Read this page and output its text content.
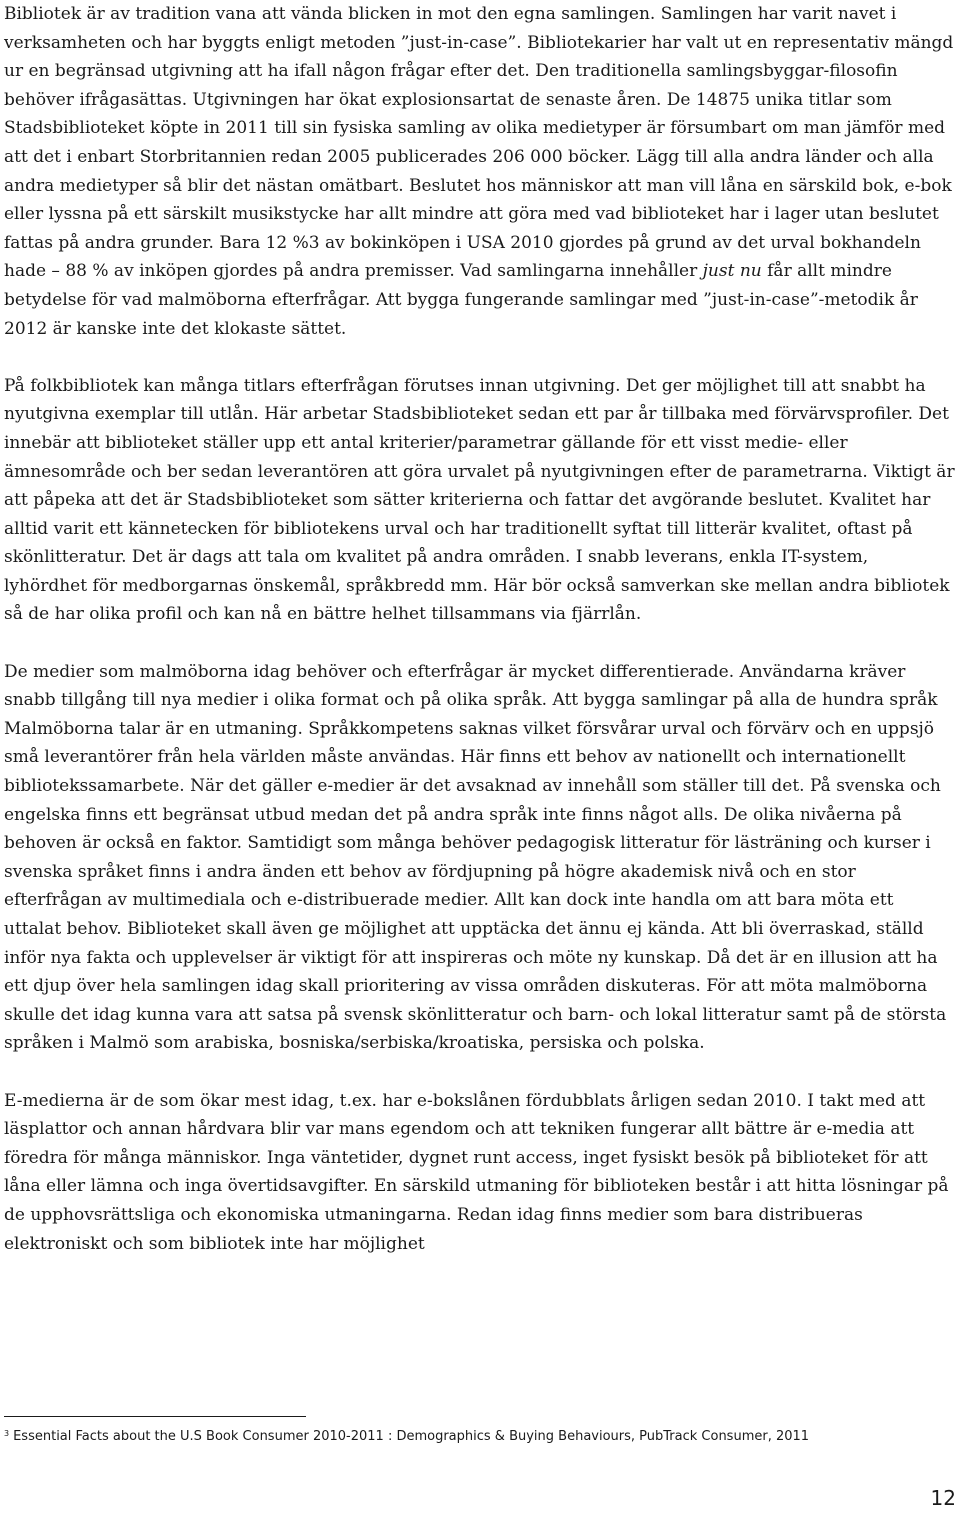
Bibliotek är av tradition vana att vända blicken in mot den egna samlingen. Samlingen har varit navet i verksamheten och har byggts enligt metoden ”just-in-case”. Bibliotekarier har valt ut en representativ mängd ur en begränsad utgivning att ha ifall någon frågar efter det. Den traditionella samlingsbyggar-filosofin behöver ifrågasättas. Utgivningen har ökat explosionsartat de senaste åren. De 14875 unika titlar som Stadsbiblioteket köpte in 2011 till sin fysiska samling av olika medietyper är försumbart om man jämför med att det i enbart Storbritannien redan 2005 publicerades 206 000 böcker. Lägg till alla andra länder och alla andra medietyper så blir det nästan omätbart. Beslutet hos människor att man vill låna en särskild bok, e-bok eller lyssna på ett särskilt musikstycke har allt mindre att göra med vad biblioteket har i lager utan beslutet fattas på andra grunder. Bara 12 %3 av bokinköpen i USA 2010 gjordes på grund av det urval bokhandeln hade – 88 % av inköpen gjordes på andra premisser. Vad samlingarna innehåller just nu får allt mindre betydelse för vad malmöborna efterfrågar. Att bygga fungerande samlingar med ”just-in-case”-metodik år 2012 är kanske inte det klokaste sättet.

På folkbibliotek kan många titlars efterfrågan förutses innan utgivning. Det ger möjlighet till att snabbt ha nyutgivna exemplar till utlån. Här arbetar Stadsbiblioteket sedan ett par år tillbaka med förvärvsprofiler. Det innebär att biblioteket ställer upp ett antal kriterier/parametrar gällande för ett visst medie- eller ämnesområde och ber sedan leverantören att göra urvalet på nyutgivningen efter de parametrarna. Viktigt är att påpeka att det är Stadsbiblioteket som sätter kriterierna och fattar det avgörande beslutet. Kvalitet har alltid varit ett kännetecken för bibliotekens urval och har traditionellt syftat till litterär kvalitet, oftast på skönlitteratur. Det är dags att tala om kvalitet på andra områden. I snabb leverans, enkla IT-system, lyhördhet för medborgarnas önskemål, språkbredd mm. Här bör också samverkan ske mellan andra bibliotek så de har olika profil och kan nå en bättre helhet tillsammans via fjärrlån.

De medier som malmöborna idag behöver och efterfrågar är mycket differentierade. Användarna kräver snabb tillgång till nya medier i olika format och på olika språk. Att bygga samlingar på alla de hundra språk Malmöborna talar är en utmaning. Språkkompetens saknas vilket försvårar urval och förvärv och en uppsjö små leverantörer från hela världen måste användas. Här finns ett behov av nationellt och internationellt bibliotekssamarbete. När det gäller e-medier är det avsaknad av innehåll som ställer till det. På svenska och engelska finns ett begränsat utbud medan det på andra språk inte finns något alls. De olika nivåerna på behoven är också en faktor. Samtidigt som många behöver pedagogisk litteratur för lästräning och kurser i svenska språket finns i andra änden ett behov av fördjupning på högre akademisk nivå och en stor efterfrågan av multimediala och e-distribuerade medier. Allt kan dock inte handla om att bara möta ett uttalat behov. Biblioteket skall även ge möjlighet att upptäcka det ännu ej kända. Att bli överraskad, ställd inför nya fakta och upplevelser är viktigt för att inspireras och möte ny kunskap. Då det är en illusion att ha ett djup över hela samlingen idag skall prioritering av vissa områden diskuteras. För att möta malmöborna skulle det idag kunna vara att satsa på svensk skönlitteratur och barn- och lokal litteratur samt på de största språken i Malmö som arabiska, bosniska/serbiska/kroatiska, persiska och polska.

E-medierna är de som ökar mest idag, t.ex. har e-bokslånen fördubblats årligen sedan 2010. I takt med att läsplattor och annan hårdvara blir var mans egendom och att tekniken fungerar allt bättre är e-media att föredra för många människor. Inga väntetider, dygnet runt access, inget fysiskt besök på biblioteket för att låna eller lämna och inga övertidsavgifter. En särskild utmaning för biblioteken består i att hitta lösningar på de upphovsrättsliga och ekonomiska utmaningarna. Redan idag finns medier som bara distribueras elektroniskt och som bibliotek inte har möjlighet

$^3$ Essential Facts about the U.S Book Consumer 2010-2011 : Demographics & Buying Behaviours, PubTrack Consumer, 2011
12
